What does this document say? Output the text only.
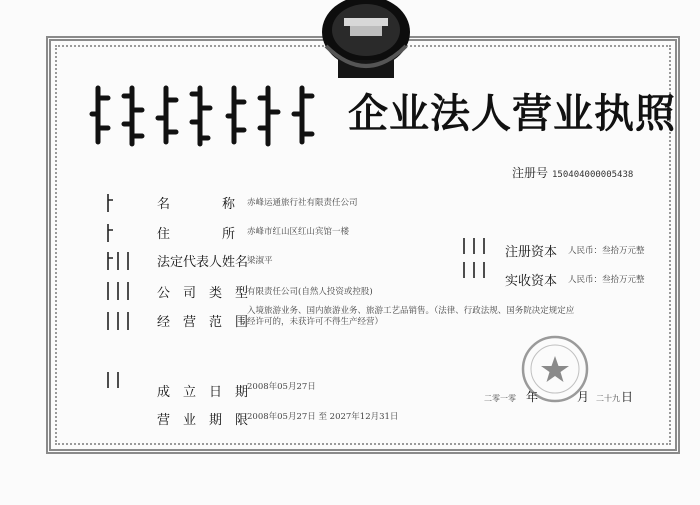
企业法人营业执照
注册号 150404000005438
名　　　　称 赤峰运通旅行社有限责任公司
住　　　　所 赤峰市红山区红山宾馆一楼
法定代表人姓名
梁淑平
公　司　类　型
有限责任公司(自然人投资或控股)
经　营　范　围
入境旅游业务、国内旅游业务、旅游工艺品销售。（法律、行政法规、国务院决定规定应经许可的，未获许可不得生产经营）
成　立　日　期
2008年05月27日
营　业　期　限
2008年05月27日 至 2027年12月31日
注册资本 人民币：叁拾万元整
实收资本 人民币：叁拾万元整
二零一零 年	月 二十九 日
